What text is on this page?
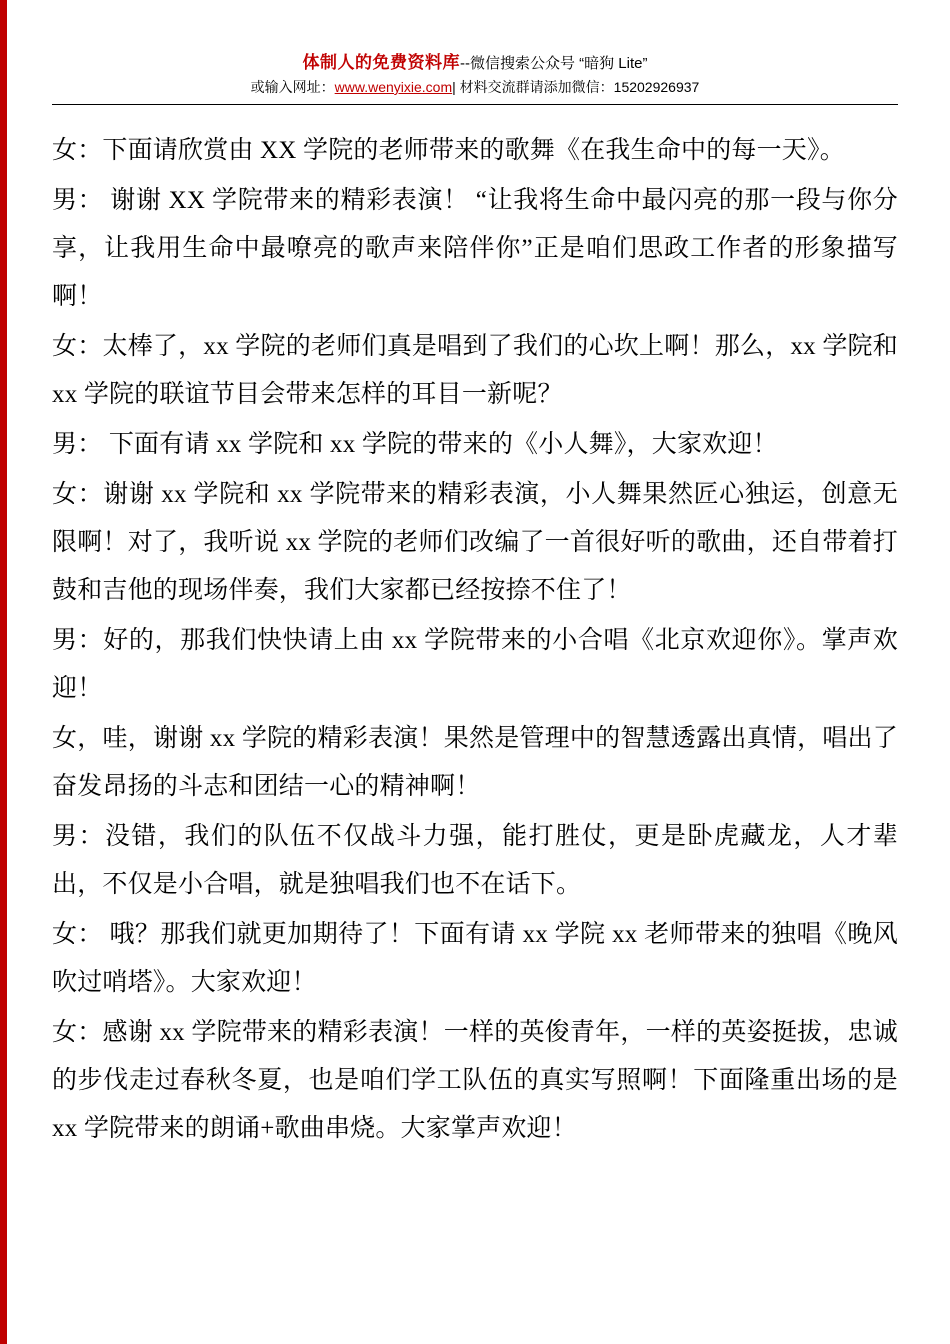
体制人的免费资料库--微信搜索公众号 “暗狗 Lite”
或输入网址：www.wenyixie.com| 材料交流群请添加微信：15202926937

女：下面请欣赏由 XX 学院的老师带来的歌舞《在我生命中的每一天》。

男： 谢谢 XX 学院带来的精彩表演！ “让我将生命中最闪亮的那一段与你分享，让我用生命中最嘹亮的歌声来陪伴你”正是咱们思政工作者的形象描写啊！

女：太棒了，xx 学院的老师们真是唱到了我们的心坎上啊！那么，xx 学院和 xx 学院的联谊节目会带来怎样的耳目一新呢？

男： 下面有请 xx 学院和 xx 学院的带来的《小人舞》，大家欢迎！

女：谢谢 xx 学院和 xx 学院带来的精彩表演，小人舞果然匠心独运，创意无限啊！对了，我听说 xx 学院的老师们改编了一首很好听的歌曲，还自带着打鼓和吉他的现场伴奏，我们大家都已经按捺不住了！

男：好的，那我们快快请上由 xx 学院带来的小合唱《北京欢迎你》。掌声欢迎！

女，哇，谢谢 xx 学院的精彩表演！果然是管理中的智慧透露出真情，唱出了奋发昂扬的斗志和团结一心的精神啊！

男：没错，我们的队伍不仅战斗力强，能打胜仗，更是卧虎藏龙，人才辈出，不仅是小合唱，就是独唱我们也不在话下。

女： 哦？那我们就更加期待了！下面有请 xx 学院 xx 老师带来的独唱《晚风吹过哨塔》。大家欢迎！

女：感谢 xx 学院带来的精彩表演！一样的英俊青年，一样的英姿挺拔，忠诚的步伐走过春秋冬夏，也是咱们学工队伍的真实写照啊！下面隆重出场的是 xx 学院带来的朗诵+歌曲串烧。大家掌声欢迎！
